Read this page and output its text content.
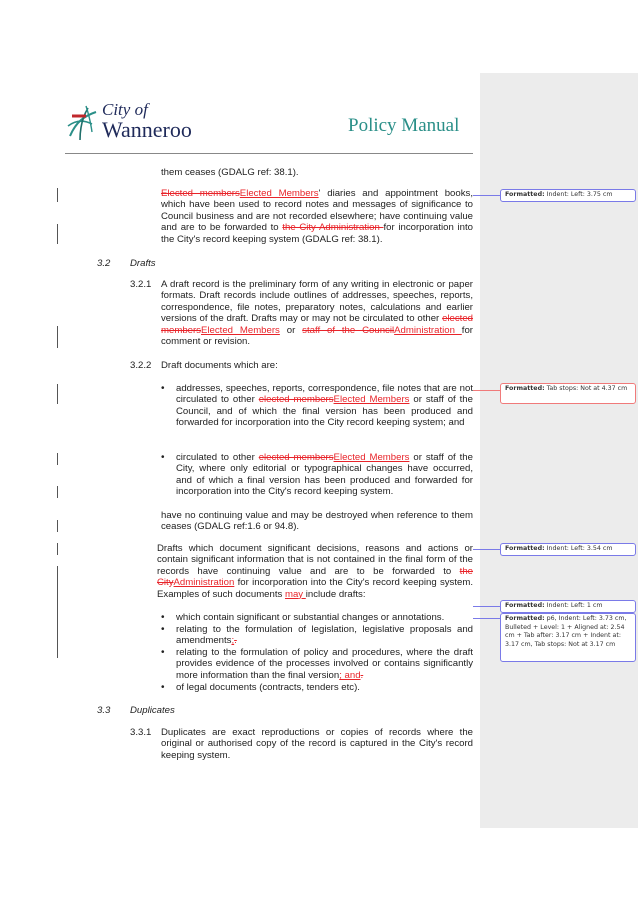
City of
Wanneroo	Policy Manual
them ceases (GDALG ref: 38.1).
Elected membersElected Members' diaries and appointment books, which have been used to record notes and messages of significance to Council business and are not recorded elsewhere; have continuing value and are to be forwarded to the City Administration for incorporation into the City's record keeping system (GDALG ref: 38.1).
3.2 Drafts
3.2.1 A draft record is the preliminary form of any writing in electronic or paper formats. Draft records include outlines of addresses, speeches, reports, correspondence, file notes, preparatory notes, calculations and earlier versions of the draft. Drafts may or may not be circulated to other elected membersElected Members or staff of the CouncilAdministration for comment or revision.
3.2.2 Draft documents which are:
• addresses, speeches, reports, correspondence, file notes that are not circulated to other elected membersElected Members or staff of the Council, and of which the final version has been produced and forwarded for incorporation into the City record keeping system; and
• circulated to other elected membersElected Members or staff of the City, where only editorial or typographical changes have occurred, and of which a final version has been produced and forwarded for incorporation into the City's record keeping system.
have no continuing value and may be destroyed when reference to them ceases (GDALG ref:1.6 or 94.8).
Drafts which document significant decisions, reasons and actions or contain significant information that is not contained in the final form of the records have continuing value and are to be forwarded to the CityAdministration for incorporation into the City's record keeping system. Examples of such documents may include drafts:
• which contain significant or substantial changes or annotations.
• relating to the formulation of legislation, legislative proposals and amendments;.
• relating to the formulation of policy and procedures, where the draft provides evidence of the processes involved or contains significantly more information than the final version; and.
• of legal documents (contracts, tenders etc).
3.3 Duplicates
3.3.1 Duplicates are exact reproductions or copies of records where the original or authorised copy of the record is captured in the City's record keeping system.
Formatted: Indent: Left: 3.75 cm
Formatted: Tab stops: Not at 4.37 cm
Formatted: Indent: Left: 3.54 cm
Formatted: Indent: Left: 1 cm
Formatted: p6, Indent: Left: 3.73 cm, Bulleted + Level: 1 + Aligned at: 2.54 cm + Tab after: 3.17 cm + Indent at: 3.17 cm, Tab stops: Not at 3.17 cm
